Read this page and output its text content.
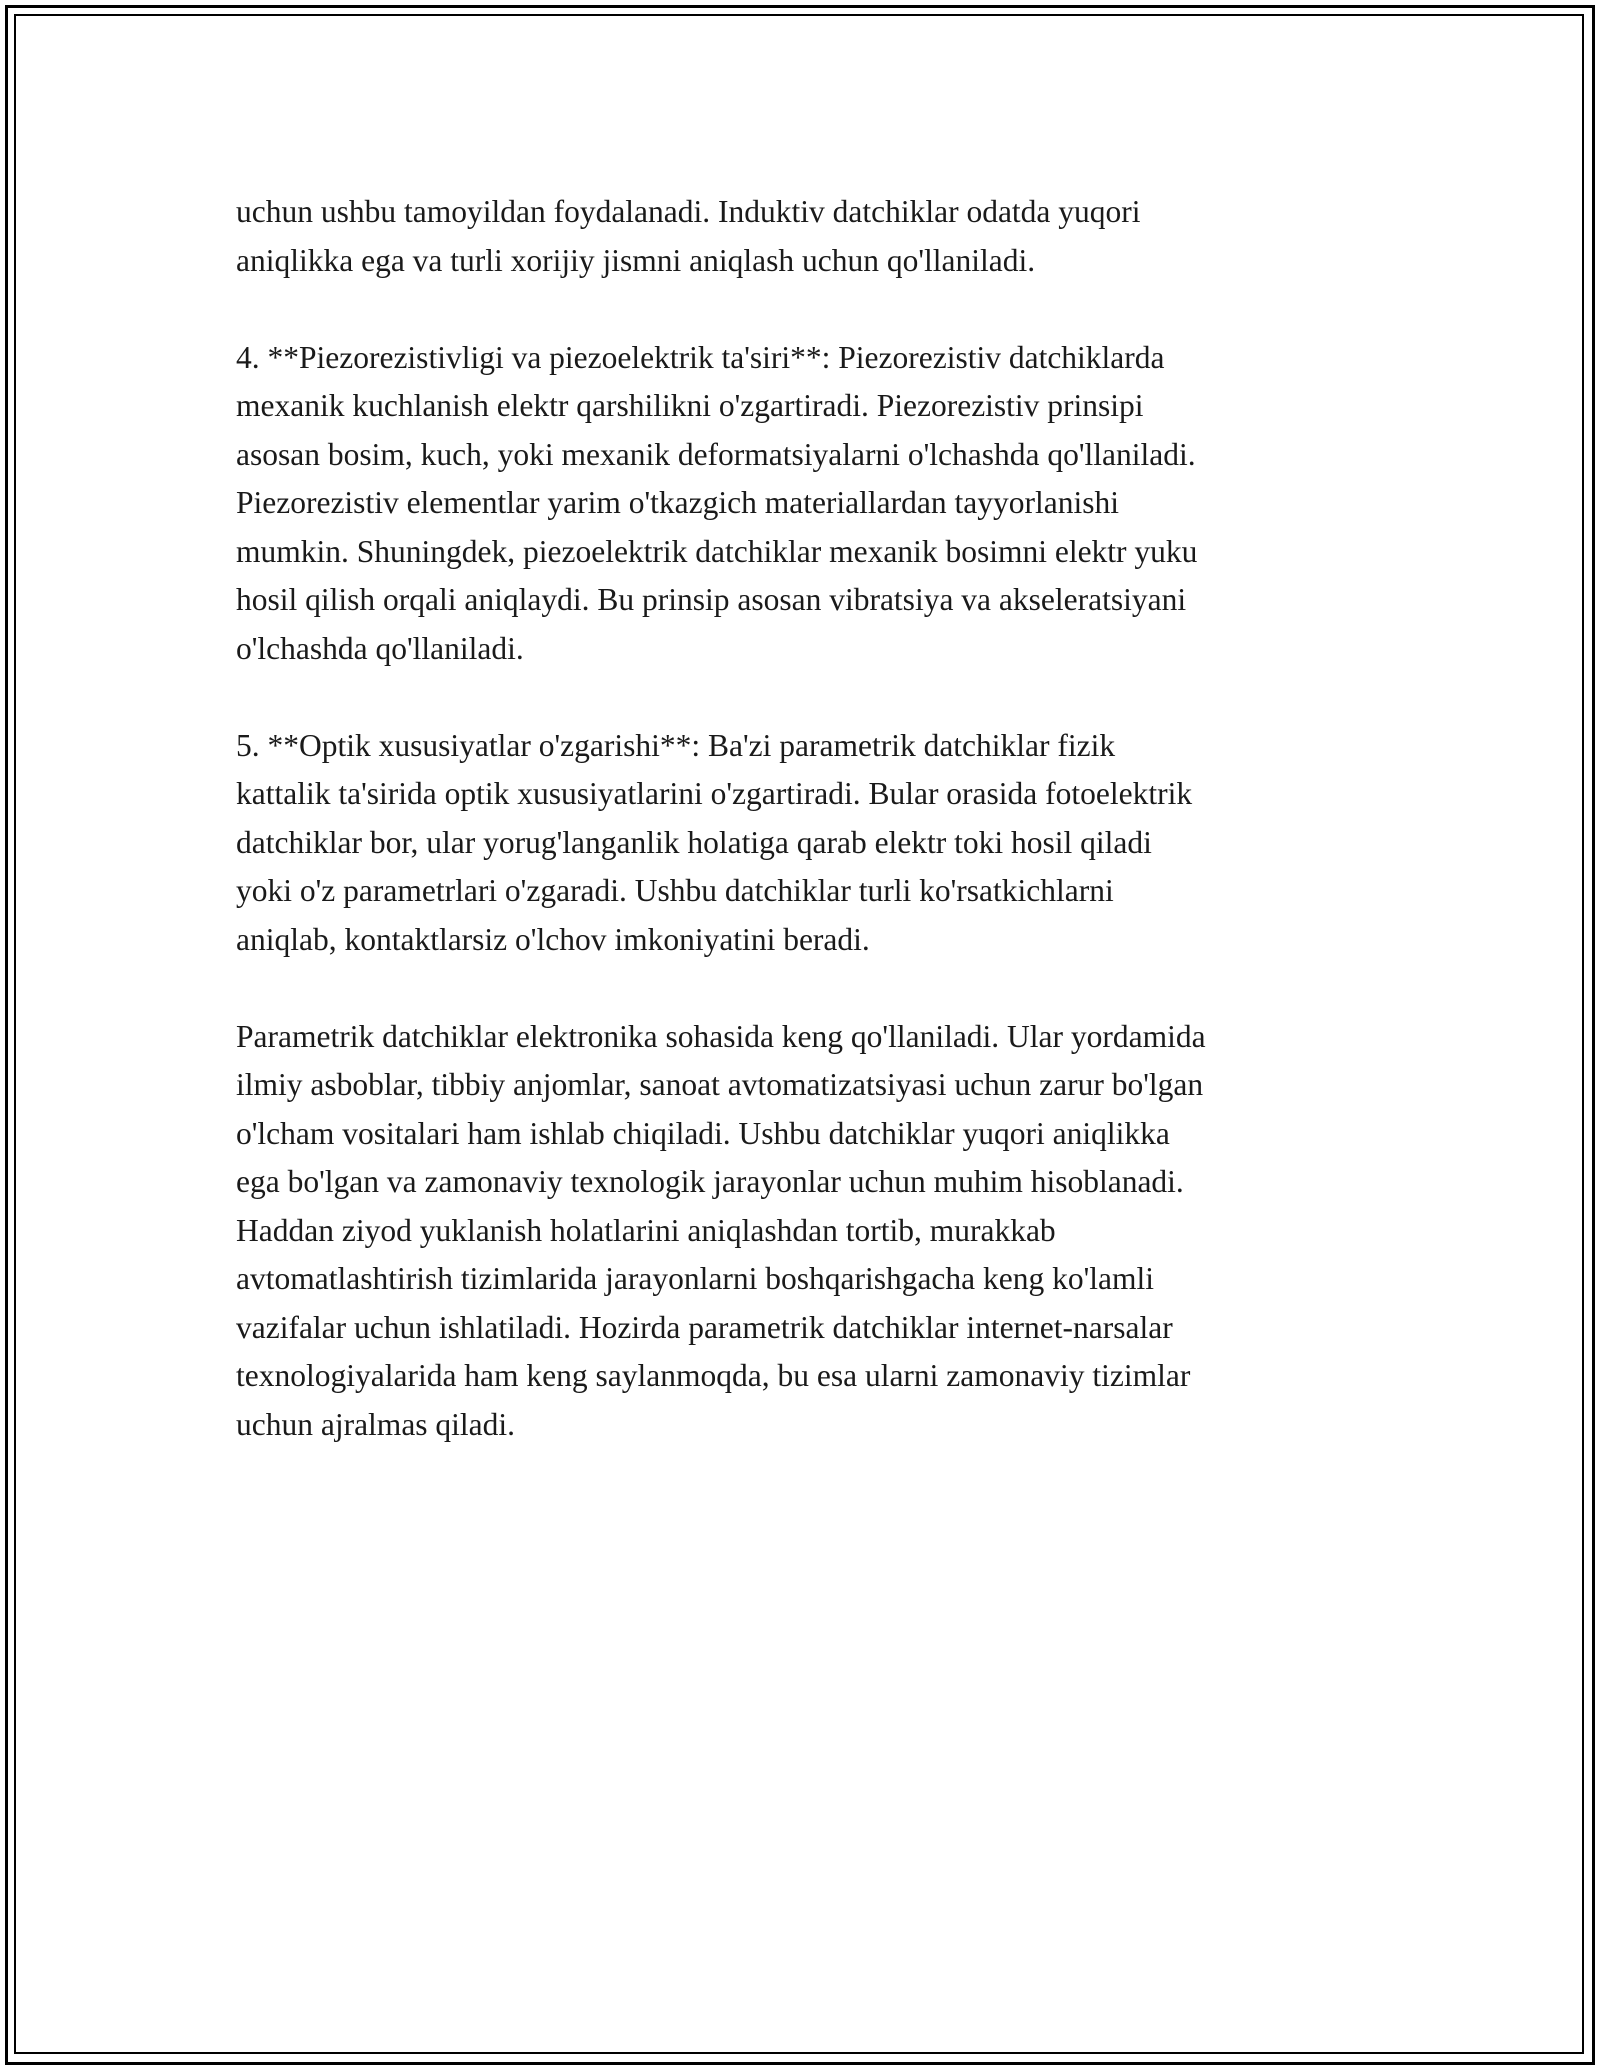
uchun ushbu tamoyildan foydalanadi. Induktiv datchiklar odatda yuqori
aniqlikka ega va turli xorijiy jismni aniqlash uchun qo'llaniladi.

4. **Piezorezistivligi va piezoelektrik ta'siri**: Piezorezistiv datchiklarda
mexanik kuchlanish elektr qarshilikni o'zgartiradi. Piezorezistiv prinsipi
asosan bosim, kuch, yoki mexanik deformatsiyalarni o'lchashda qo'llaniladi.
Piezorezistiv elementlar yarim o'tkazgich materiallardan tayyorlanishi
mumkin. Shuningdek, piezoelektrik datchiklar mexanik bosimni elektr yuku
hosil qilish orqali aniqlaydi. Bu prinsip asosan vibratsiya va akseleratsiyani
o'lchashda qo'llaniladi.

5. **Optik xususiyatlar o'zgarishi**: Ba'zi parametrik datchiklar fizik
kattalik ta'sirida optik xususiyatlarini o'zgartiradi. Bular orasida fotoelektrik
datchiklar bor, ular yorug'langanlik holatiga qarab elektr toki hosil qiladi
yoki o'z parametrlari o'zgaradi. Ushbu datchiklar turli ko'rsatkichlarni
aniqlab, kontaktlarsiz o'lchov imkoniyatini beradi.

Parametrik datchiklar elektronika sohasida keng qo'llaniladi. Ular yordamida
ilmiy asboblar, tibbiy anjomlar, sanoat avtomatizatsiyasi uchun zarur bo'lgan
o'lcham vositalari ham ishlab chiqiladi. Ushbu datchiklar yuqori aniqlikka
ega bo'lgan va zamonaviy texnologik jarayonlar uchun muhim hisoblanadi.
Haddan ziyod yuklanish holatlarini aniqlashdan tortib, murakkab
avtomatlashtirish tizimlarida jarayonlarni boshqarishgacha keng ko'lamli
vazifalar uchun ishlatiladi. Hozirda parametrik datchiklar internet-narsalar
texnologiyalarida ham keng saylanmoqda, bu esa ularni zamonaviy tizimlar
uchun ajralmas qiladi.
